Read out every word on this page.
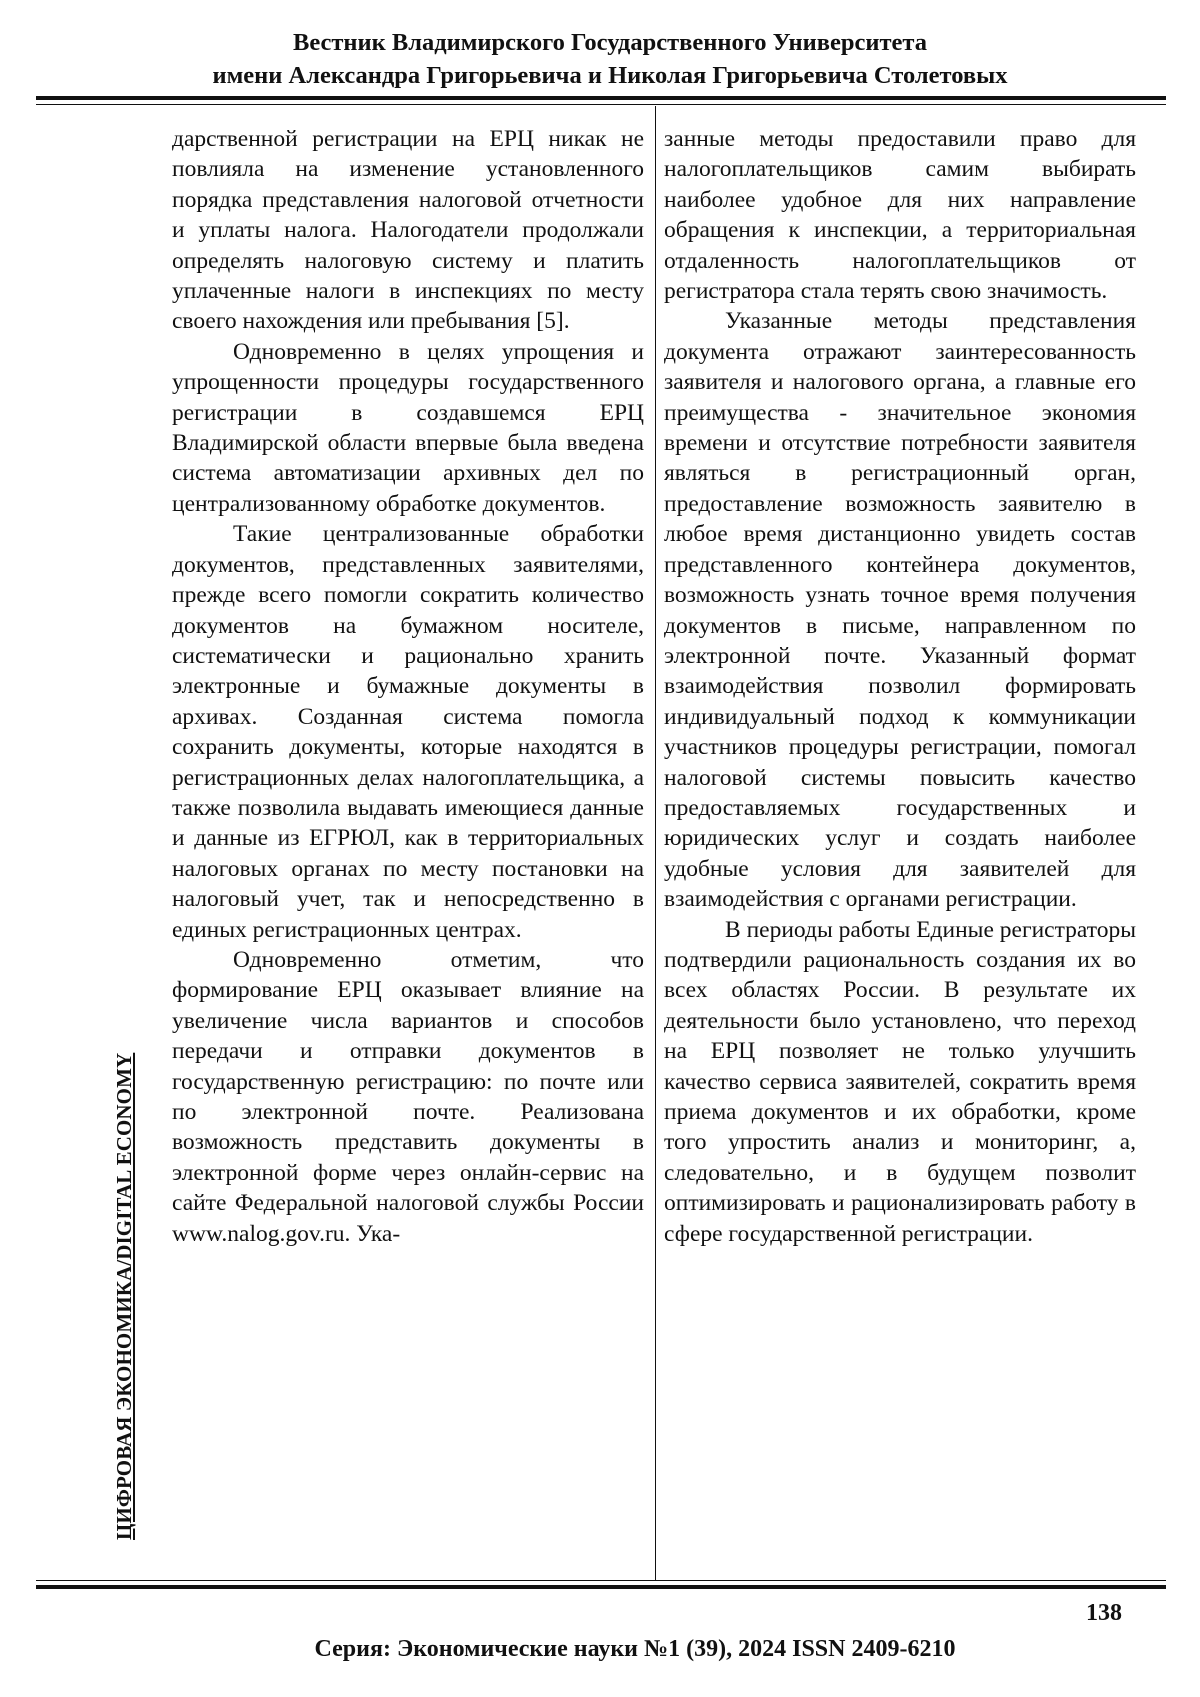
Вестник Владимирского Государственного Университета
имени Александра Григорьевича и Николая Григорьевича Столетовых
ЦИФРОВАЯ ЭКОНОМИКА/DIGITAL ECONOMY

дарственной регистрации на ЕРЦ никак не повлияла на изменение установленного порядка представления налоговой отчетности и уплаты налога. Налогодатели продолжали определять налоговую систему и платить уплаченные налоги в инспекциях по месту своего нахождения или пребывания [5].

Одновременно в целях упрощения и упрощенности процедуры государственного регистрации в создавшемся ЕРЦ Владимирской области впервые была введена система автоматизации архивных дел по централизованному обработке документов.

Такие централизованные обработки документов, представленных заявителями, прежде всего помогли сократить количество документов на бумажном носителе, систематически и рационально хранить электронные и бумажные документы в архивах. Созданная система помогла сохранить документы, которые находятся в регистрационных делах налогоплательщика, а также позволила выдавать имеющиеся данные и данные из ЕГРЮЛ, как в территориальных налоговых органах по месту постановки на налоговый учет, так и непосредственно в единых регистрационных центрах.

Одновременно отметим, что формирование ЕРЦ оказывает влияние на увеличение числа вариантов и способов передачи и отправки документов в государственную регистрацию: по почте или по электронной почте. Реализована возможность представить документы в электронной форме через онлайн-сервис на сайте Федеральной налоговой службы России www.nalog.gov.ru. Ука-

занные методы предоставили право для налогоплательщиков самим выбирать наиболее удобное для них направление обращения к инспекции, а территориальная отдаленность налогоплательщиков от регистратора стала терять свою значимость.

Указанные методы представления документа отражают заинтересованность заявителя и налогового органа, а главные его преимущества - значительное экономия времени и отсутствие потребности заявителя являться в регистрационный орган, предоставление возможность заявителю в любое время дистанционно увидеть состав представленного контейнера документов, возможность узнать точное время получения документов в письме, направленном по электронной почте. Указанный формат взаимодействия позволил формировать индивидуальный подход к коммуникации участников процедуры регистрации, помогал налоговой системы повысить качество предоставляемых государственных и юридических услуг и создать наиболее удобные условия для заявителей для взаимодействия с органами регистрации.

В периоды работы Единые регистраторы подтвердили рациональность создания их во всех областях России. В результате их деятельности было установлено, что переход на ЕРЦ позволяет не только улучшить качество сервиса заявителей, сократить время приема документов и их обработки, кроме того упростить анализ и мониторинг, а, следовательно, и в будущем позволит оптимизировать и рационализировать работу в сфере государственной регистрации.

138
Серия: Экономические науки №1 (39), 2024 ISSN 2409-6210
